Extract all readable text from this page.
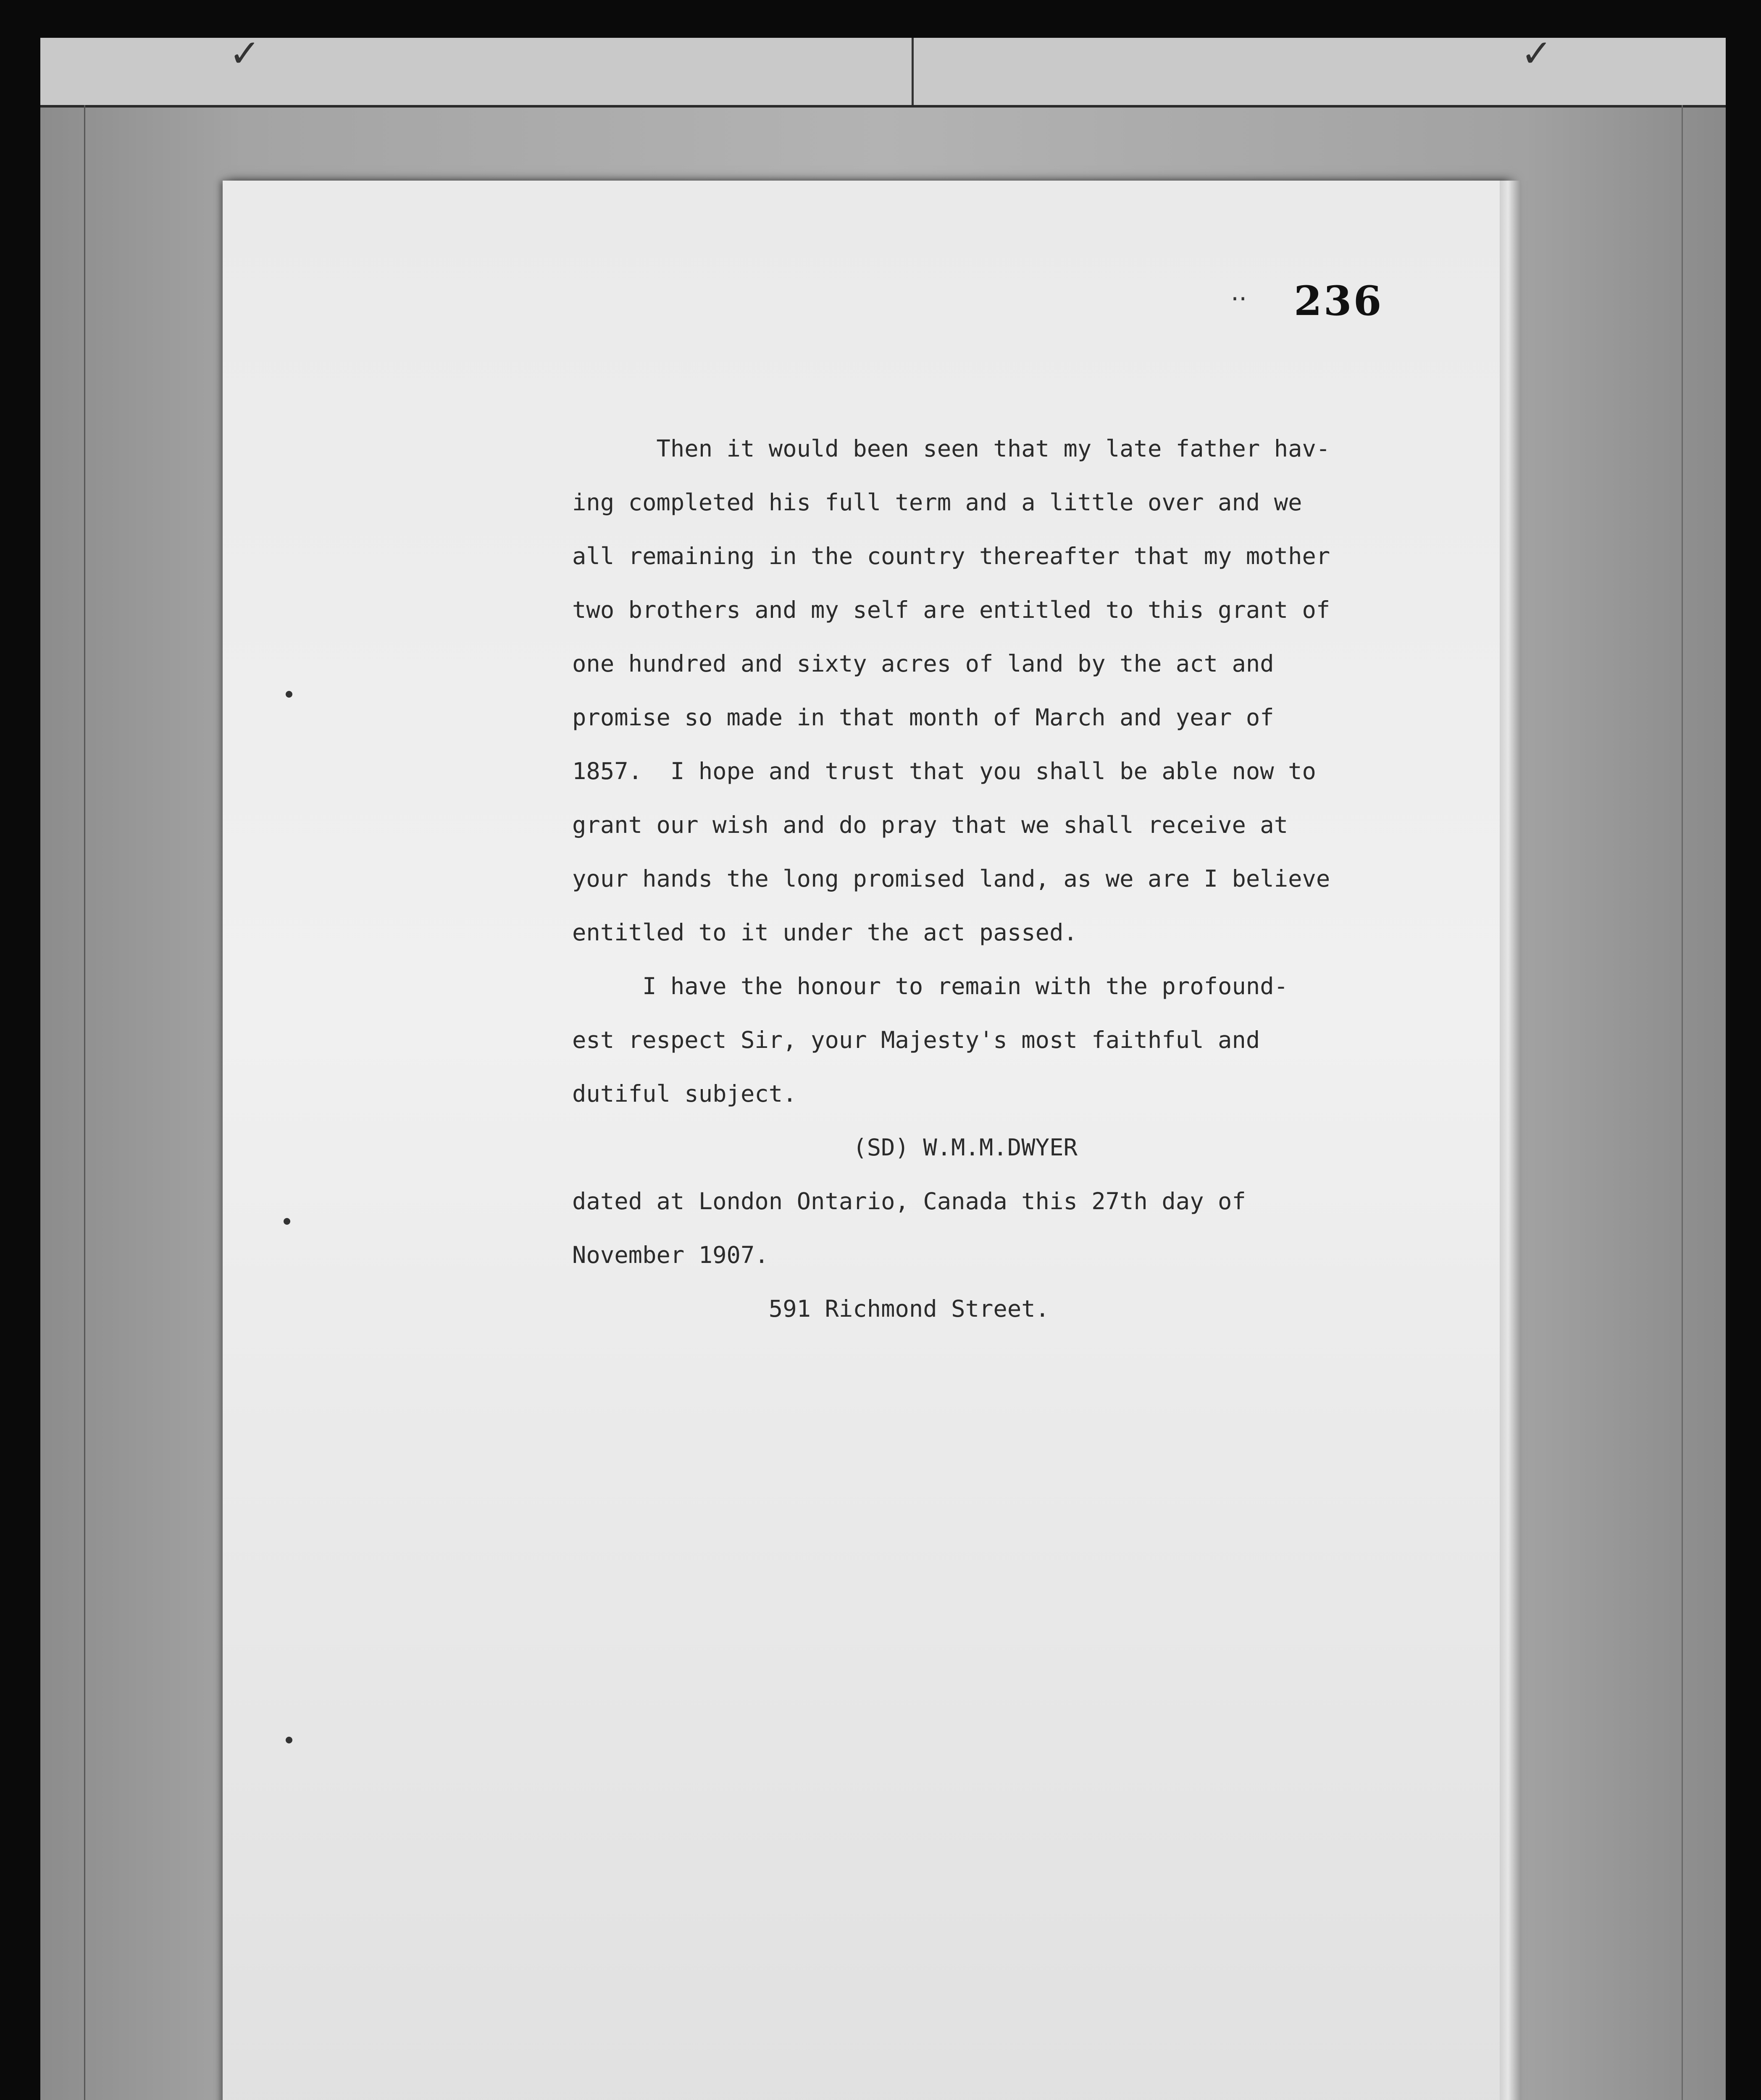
✓	✓
.. 236
Then it would been seen that my late father hav-
ing completed his full term and a little over and we
all remaining in the country thereafter that my mother
two brothers and my self are entitled to this grant of
one hundred and sixty acres of land by the act and
promise so made in that month of March and year of
1857.  I hope and trust that you shall be able now to
grant our wish and do pray that we shall receive at
your hands the long promised land, as we are I believe
entitled to it under the act passed.
I have the honour to remain with the profound-
est respect Sir, your Majesty's most faithful and
dutiful subject.
(SD) W.M.M.DWYER
dated at London Ontario, Canada this 27th day of
November 1907.
591 Richmond Street.
